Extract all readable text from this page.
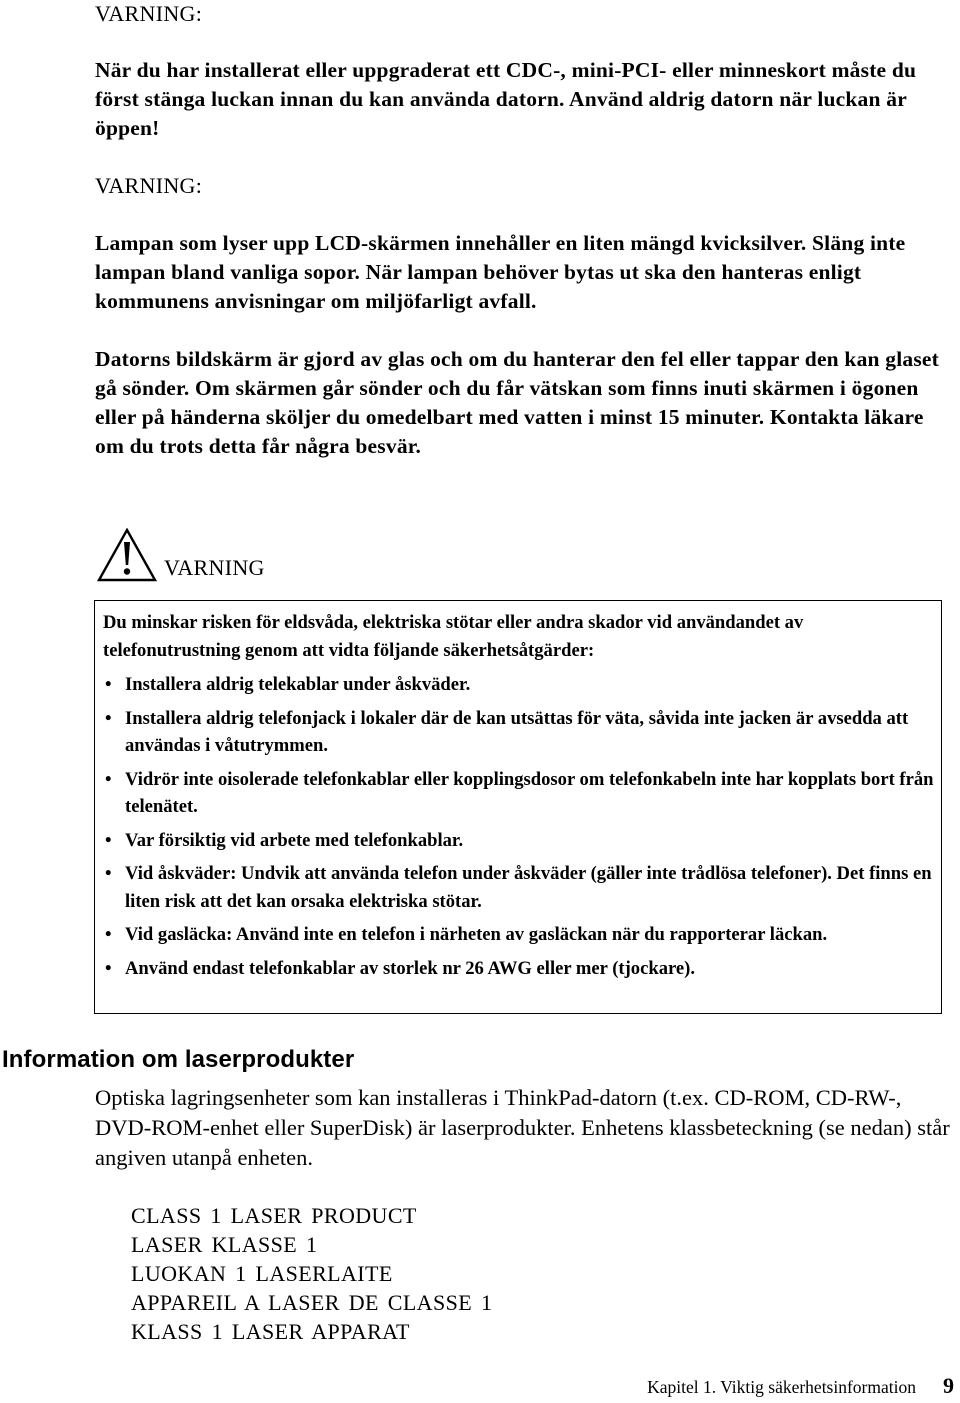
VARNING:

När du har installerat eller uppgraderat ett CDC-, mini-PCI- eller minneskort måste du först stänga luckan innan du kan använda datorn. Använd aldrig datorn när luckan är öppen!

VARNING:

Lampan som lyser upp LCD-skärmen innehåller en liten mängd kvicksilver. Släng inte lampan bland vanliga sopor. När lampan behöver bytas ut ska den hanteras enligt kommunens anvisningar om miljöfarligt avfall.

Datorns bildskärm är gjord av glas och om du hanterar den fel eller tappar den kan glaset gå sönder. Om skärmen går sönder och du får vätskan som finns inuti skärmen i ögonen eller på händerna sköljer du omedelbart med vatten i minst 15 minuter. Kontakta läkare om du trots detta får några besvär.

VARNING

Du minskar risken för eldsvåda, elektriska stötar eller andra skador vid användandet av telefonutrustning genom att vidta följande säkerhetsåtgärder:

• Installera aldrig telekablar under åskväder.
• Installera aldrig telefonjack i lokaler där de kan utsättas för väta, såvida inte jacken är avsedda att användas i våtutrymmen.
• Vidrör inte oisolerade telefonkablar eller kopplingsdosor om telefonkabeln inte har kopplats bort från telenätet.
• Var försiktig vid arbete med telefonkablar.
• Vid åskväder: Undvik att använda telefon under åskväder (gäller inte trådlösa telefoner). Det finns en liten risk att det kan orsaka elektriska stötar.
• Vid gasläcka: Använd inte en telefon i närheten av gasläckan när du rapporterar läckan.
• Använd endast telefonkablar av storlek nr 26 AWG eller mer (tjockare).
Information om laserprodukter

Optiska lagringsenheter som kan installeras i ThinkPad-datorn (t.ex. CD-ROM, CD-RW-, DVD-ROM-enhet eller SuperDisk) är laserprodukter. Enhetens klassbeteckning (se nedan) står angiven utanpå enheten.

CLASS 1 LASER PRODUCT
LASER KLASSE 1
LUOKAN 1 LASERLAITE
APPAREIL A LASER DE CLASSE 1
KLASS 1 LASER APPARAT
Kapitel 1. Viktig säkerhetsinformation 9
